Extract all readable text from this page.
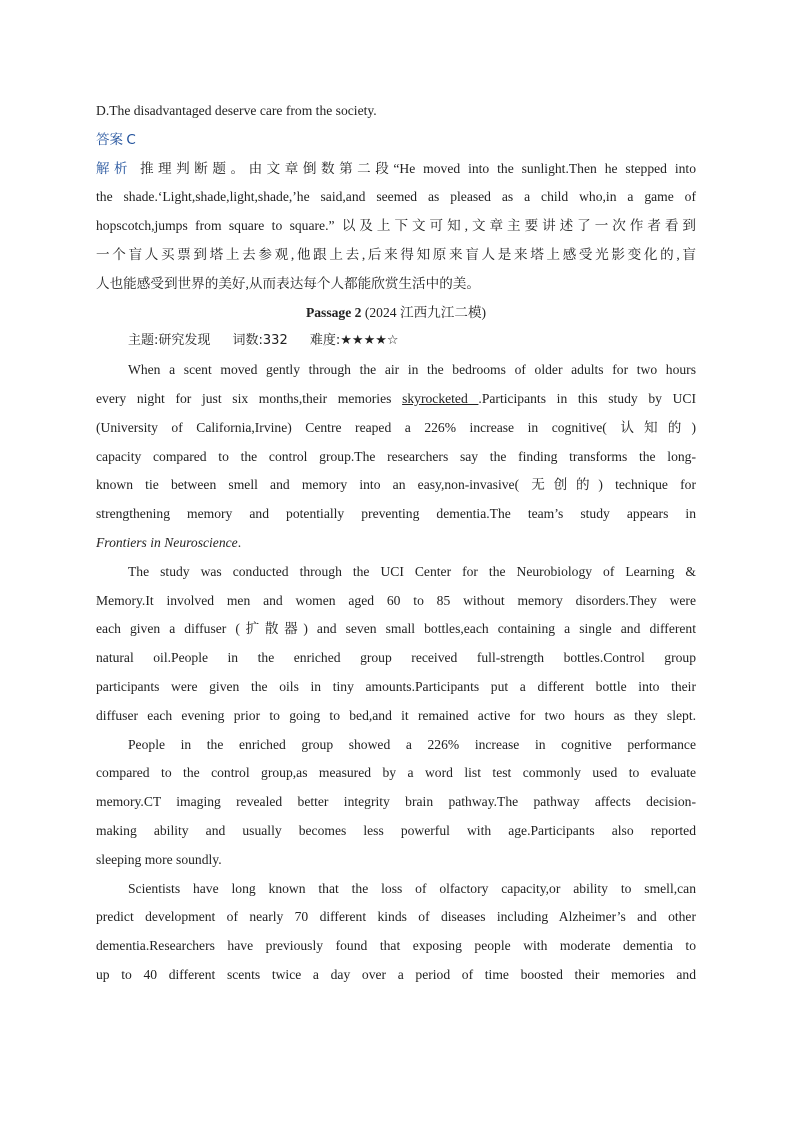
D.The disadvantaged deserve care from the society.

答案 C

解析 推理判断题。由文章倒数第二段“He moved into the sunlight.Then he stepped into

the shade.‘Light,shade,light,shade,’he said,and seemed as pleased as a child who,in a game of

hopscotch,jumps from square to square.” 以及上下文可知,文章主要讲述了一次作者看到

一个盲人买票到塔上去参观,他跟上去,后来得知原来盲人是来塔上感受光影变化的,盲

人也能感受到世界的美好,从而表达每个人都能欣赏生活中的美。

Passage 2 (2024 江西九江二模)

主题:研究发现 词数:332 难度:★★★★☆

When a scent moved gently through the air in the bedrooms of older adults for two hours

every night for just six months,their memories skyrocketed .Participants in this study by UCI

(University of California,Irvine) Centre reaped a 226% increase in cognitive( 认知的)

capacity compared to the control group.The researchers say the finding transforms the long-

known tie between smell and memory into an easy,non-invasive( 无创的) technique for

strengthening memory and potentially preventing dementia.The team’s study appears in

Frontiers in Neuroscience.

The study was conducted through the UCI Center for the Neurobiology of Learning &

Memory.It involved men and women aged 60 to 85 without memory disorders.They were

each given a diffuser (扩散器) and seven small bottles,each containing a single and different

natural oil.People in the enriched group received full-strength bottles.Control group

participants were given the oils in tiny amounts.Participants put a different bottle into their

diffuser each evening prior to going to bed,and it remained active for two hours as they slept.

People in the enriched group showed a 226% increase in cognitive performance

compared to the control group,as measured by a word list test commonly used to evaluate

memory.CT imaging revealed better integrity brain pathway.The pathway affects decision-

making ability and usually becomes less powerful with age.Participants also reported

sleeping more soundly.

Scientists have long known that the loss of olfactory capacity,or ability to smell,can

predict development of nearly 70 different kinds of diseases including Alzheimer’s and other

dementia.Researchers have previously found that exposing people with moderate dementia to

up to 40 different scents twice a day over a period of time boosted their memories and
